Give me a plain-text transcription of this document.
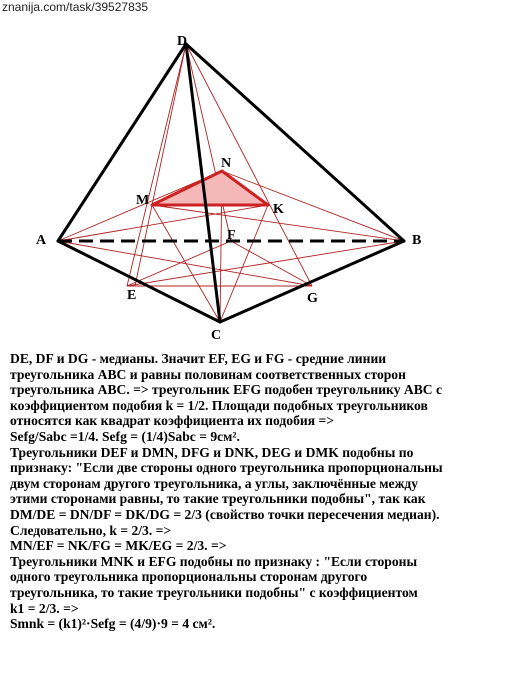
znanija.com/task/39527835
D
A	B
C
E
F
G
M
N
K

DE, DF и DG - медианы. Значит EF, EG и FG - средние линии

треугольника ABC и равны половинам соответственных сторон

треугольника ABC. => треугольник EFG подобен треугольнику ABC с

коэффициентом подобия k = 1/2. Площади подобных треугольников

относятся как квадрат коэффициента их подобия =>

Sefg/Sabc =1/4. Sefg = (1/4)Sabc = 9см².

Треугольники DEF и DMN, DFG и DNK, DEG и DMK подобны по

признаку: "Если две стороны одного треугольника пропорциональны

двум сторонам другого треугольника, а углы, заключённые между

этими сторонами равны, то такие треугольники подобны", так как

DM/DE = DN/DF = DK/DG = 2/3 (свойство точки пересечения медиан).

Следовательно, k = 2/3. =>

MN/EF = NK/FG = MK/EG = 2/3. =>

Треугольники MNK и EFG подобны по признаку : "Если стороны

одного треугольника пропорциональны сторонам другого

треугольника, то такие треугольники подобны" с коэффициентом

k1 = 2/3. =>

Smnk = (k1)²·Sefg = (4/9)·9 = 4 см².
